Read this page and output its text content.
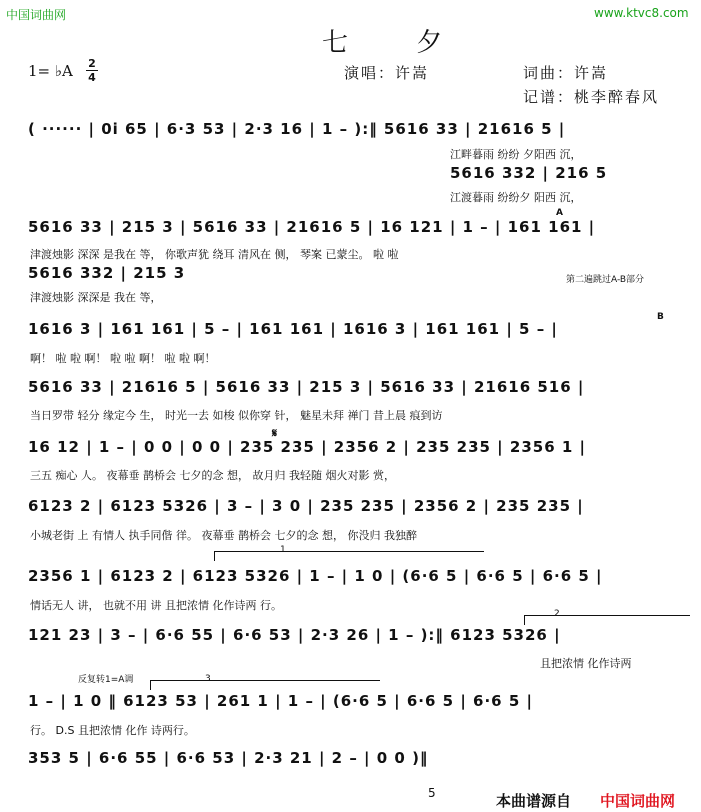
中国词曲网	www.ktvc8.com
七 夕
1= ♭A 2
4	演唱：许嵩	词曲：许嵩
记谱：桃李醉春风
( ······ | 0i 65 | 6·3 53 | 2·3 16 | 1 – ):‖ 5616 33 | 21616 5 |
江畔暮雨 纷纷 夕阳西 沉，
5616 332 | 216 5
江渡暮雨 纷纷夕 阳西 沉，
A
5616 33 | 215 3 | 5616 33 | 21616 5 | 16 121 | 1 – | 161 161 |
津渡烛影 深深 是我在 等， 你歌声犹 绕耳 清风在 侧， 琴案 已蒙尘。 啦 啦
5616 332 | 215 3
津渡烛影 深深是 我在 等，
第二遍跳过A-B部分
B
1616 3 | 161 161 | 5 – | 161 161 | 1616 3 | 161 161 | 5 – |
啊！ 啦 啦 啊！ 啦 啦 啊！ 啦 啦 啊！
5616 33 | 21616 5 | 5616 33 | 215 3 | 5616 33 | 21616 516 |
当日罗带 轻分 缘定今 生， 时光一去 如梭 似你穿 针， 魅星未拜 禅门 昔上晨 痕到访
𝄋
16 12 | 1 – | 0 0 | 0 0 | 235 235 | 2356 2 | 235 235 | 2356 1 |
三五 痴心 人。 夜幕垂 鹊桥会 七夕的念 想， 故月归 我轻随 烟火对影 赏，
6123 2 | 6123 5326 | 3 – | 3 0 | 235 235 | 2356 2 | 235 235 |
小城老街 上 有情人 执手同偕 徉。 夜幕垂 鹊桥会 七夕的念 想， 你没归 我独醉
1
2356 1 | 6123 2 | 6123 5326 | 1 – | 1 0 | (6·6 5 | 6·6 5 | 6·6 5 |
情话无人 讲， 也就不用 讲 且把浓情 化作诗两 行。
2
121 23 | 3 – | 6·6 55 | 6·6 53 | 2·3 26 | 1 – ):‖ 6123 5326 |
且把浓情 化作诗两
反复转1=A调	3
1 – | 1 0 ‖ 6123 53 | 261 1 | 1 – | (6·6 5 | 6·6 5 | 6·6 5 |
行。 D.S 且把浓情 化作 诗两行。
353 5 | 6·6 55 | 6·6 53 | 2·3 21 | 2 – | 0 0 )‖
5	本曲谱源自 中国词曲网
